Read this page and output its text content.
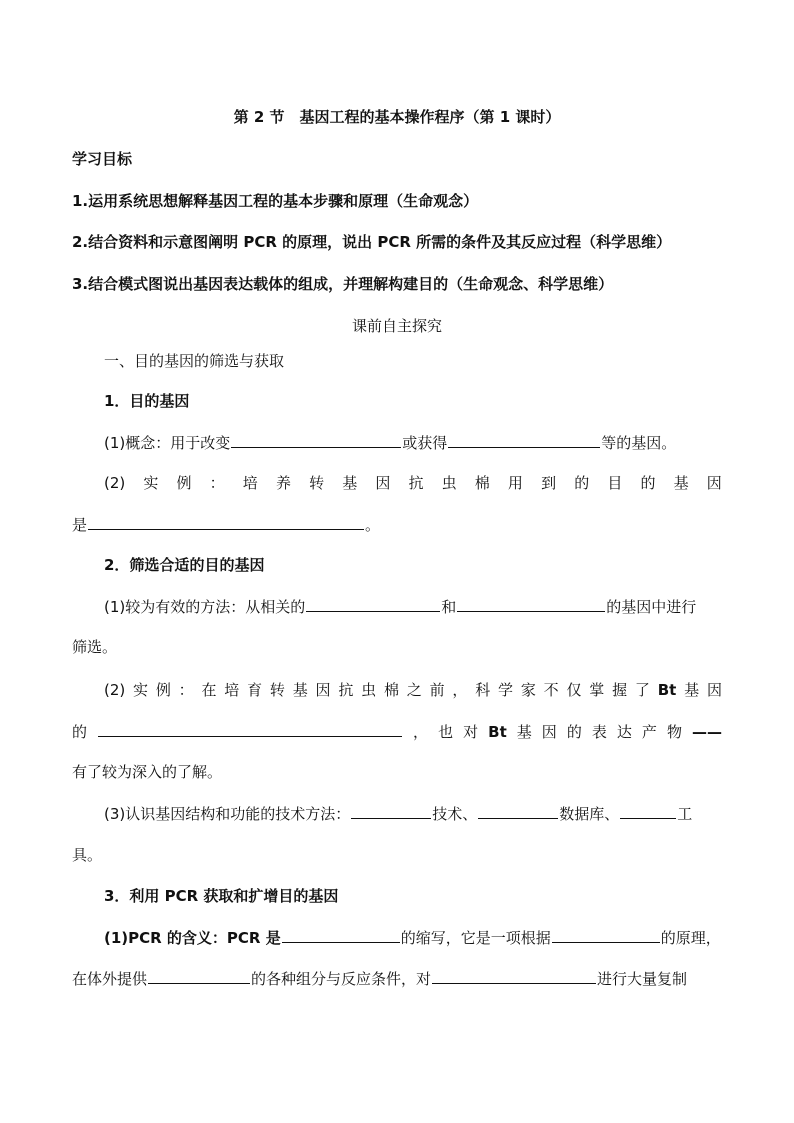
第 2 节　基因工程的基本操作程序（第 1 课时）
学习目标
1.运用系统思想解释基因工程的基本步骤和原理（生命观念）
2.结合资料和示意图阐明 PCR 的原理，说出 PCR 所需的条件及其反应过程（科学思维）
3.结合模式图说出基因表达载体的组成，并理解构建目的（生命观念、科学思维）
课前自主探究
一、目的基因的筛选与获取
1．目的基因
(1)概念：用于改变	或获得	等的基因。
(2) 实 例 ： 培 养 转 基 因 抗 虫 棉 用 到 的 目 的 基 因
是	。
2．筛选合适的目的基因
(1)较为有效的方法：从相关的	和	的基因中进行
筛选。
(2) 实 例 ： 在 培 育 转 基 因 抗 虫 棉 之 前 ， 科 学 家 不 仅 掌 握 了 Bt 基 因
的	， 也 对 Bt 基 因 的 表 达 产 物 ——
有了较为深入的了解。
(3)认识基因结构和功能的技术方法：	技术、	数据库、	工
具。
3．利用 PCR 获取和扩增目的基因
(1)PCR 的含义：PCR 是	的缩写，它是一项根据	的原理，
在体外提供	的各种组分与反应条件，对	进行大量复制
